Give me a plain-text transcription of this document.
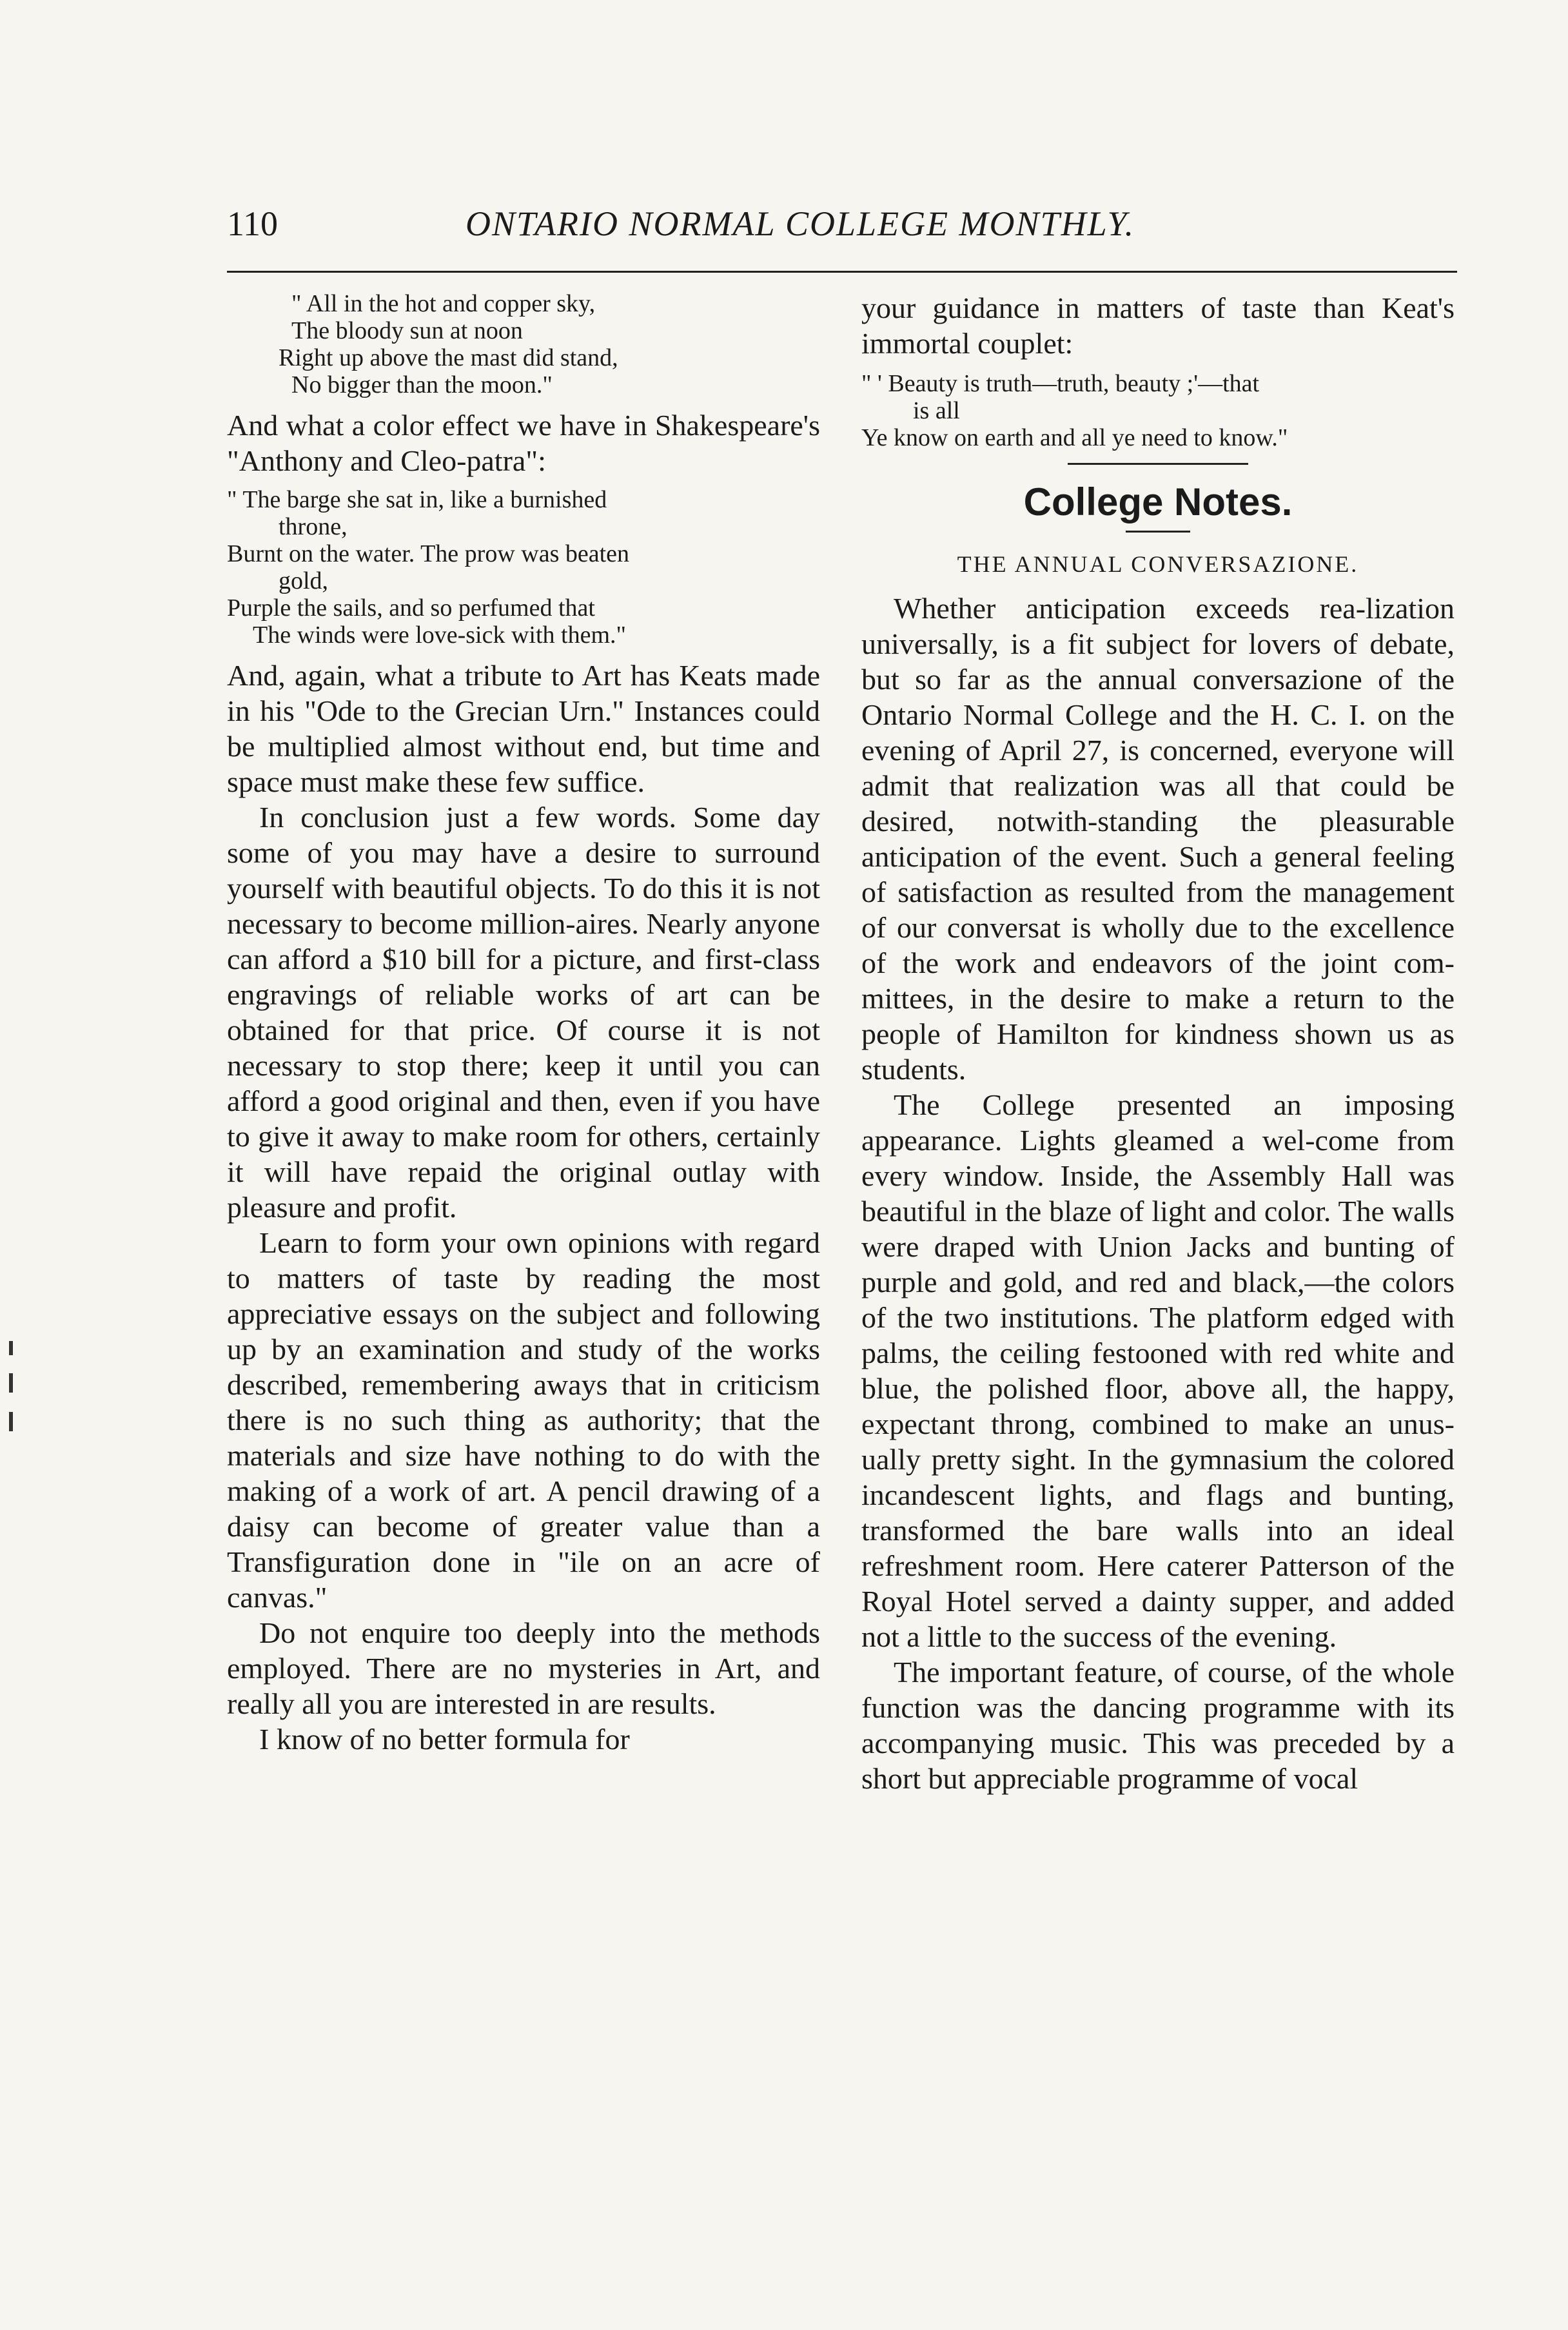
110	ONTARIO NORMAL COLLEGE MONTHLY.
" All in the hot and copper sky,
The bloody sun at noon
Right up above the mast did stand,
No bigger than the moon."

And what a color effect we have in Shakespeare's "Anthony and Cleo-patra":

" The barge she sat in, like a burnished
throne,
Burnt on the water. The prow was beaten
gold,
Purple the sails, and so perfumed that
The winds were love-sick with them."

And, again, what a tribute to Art has Keats made in his "Ode to the Grecian Urn." Instances could be multiplied almost without end, but time and space must make these few suffice.

In conclusion just a few words. Some day some of you may have a desire to surround yourself with beautiful objects. To do this it is not necessary to become million-aires. Nearly anyone can afford a $10 bill for a picture, and first-class engravings of reliable works of art can be obtained for that price. Of course it is not necessary to stop there; keep it until you can afford a good original and then, even if you have to give it away to make room for others, certainly it will have repaid the original outlay with pleasure and profit.

Learn to form your own opinions with regard to matters of taste by reading the most appreciative essays on the subject and following up by an examination and study of the works described, remembering aways that in criticism there is no such thing as authority; that the materials and size have nothing to do with the making of a work of art. A pencil drawing of a daisy can become of greater value than a Transfiguration done in "ile on an acre of canvas."

Do not enquire too deeply into the methods employed. There are no mysteries in Art, and really all you are interested in are results.

I know of no better formula for

your guidance in matters of taste than Keat's immortal couplet:

" ' Beauty is truth—truth, beauty ;'—that
is all
Ye know on earth and all ye need to know."
College Notes.
THE ANNUAL CONVERSAZIONE.

Whether anticipation exceeds rea-lization universally, is a fit subject for lovers of debate, but so far as the annual conversazione of the Ontario Normal College and the H. C. I. on the evening of April 27, is concerned, everyone will admit that realization was all that could be desired, notwith-standing the pleasurable anticipation of the event. Such a general feeling of satisfaction as resulted from the management of our conversat is wholly due to the excellence of the work and endeavors of the joint com-mittees, in the desire to make a return to the people of Hamilton for kindness shown us as students.

The College presented an imposing appearance. Lights gleamed a wel-come from every window. Inside, the Assembly Hall was beautiful in the blaze of light and color. The walls were draped with Union Jacks and bunting of purple and gold, and red and black,—the colors of the two institutions. The platform edged with palms, the ceiling festooned with red white and blue, the polished floor, above all, the happy, expectant throng, combined to make an unus-ually pretty sight. In the gymnasium the colored incandescent lights, and flags and bunting, transformed the bare walls into an ideal refreshment room. Here caterer Patterson of the Royal Hotel served a dainty supper, and added not a little to the success of the evening.

The important feature, of course, of the whole function was the dancing programme with its accompanying music. This was preceded by a short but appreciable programme of vocal
